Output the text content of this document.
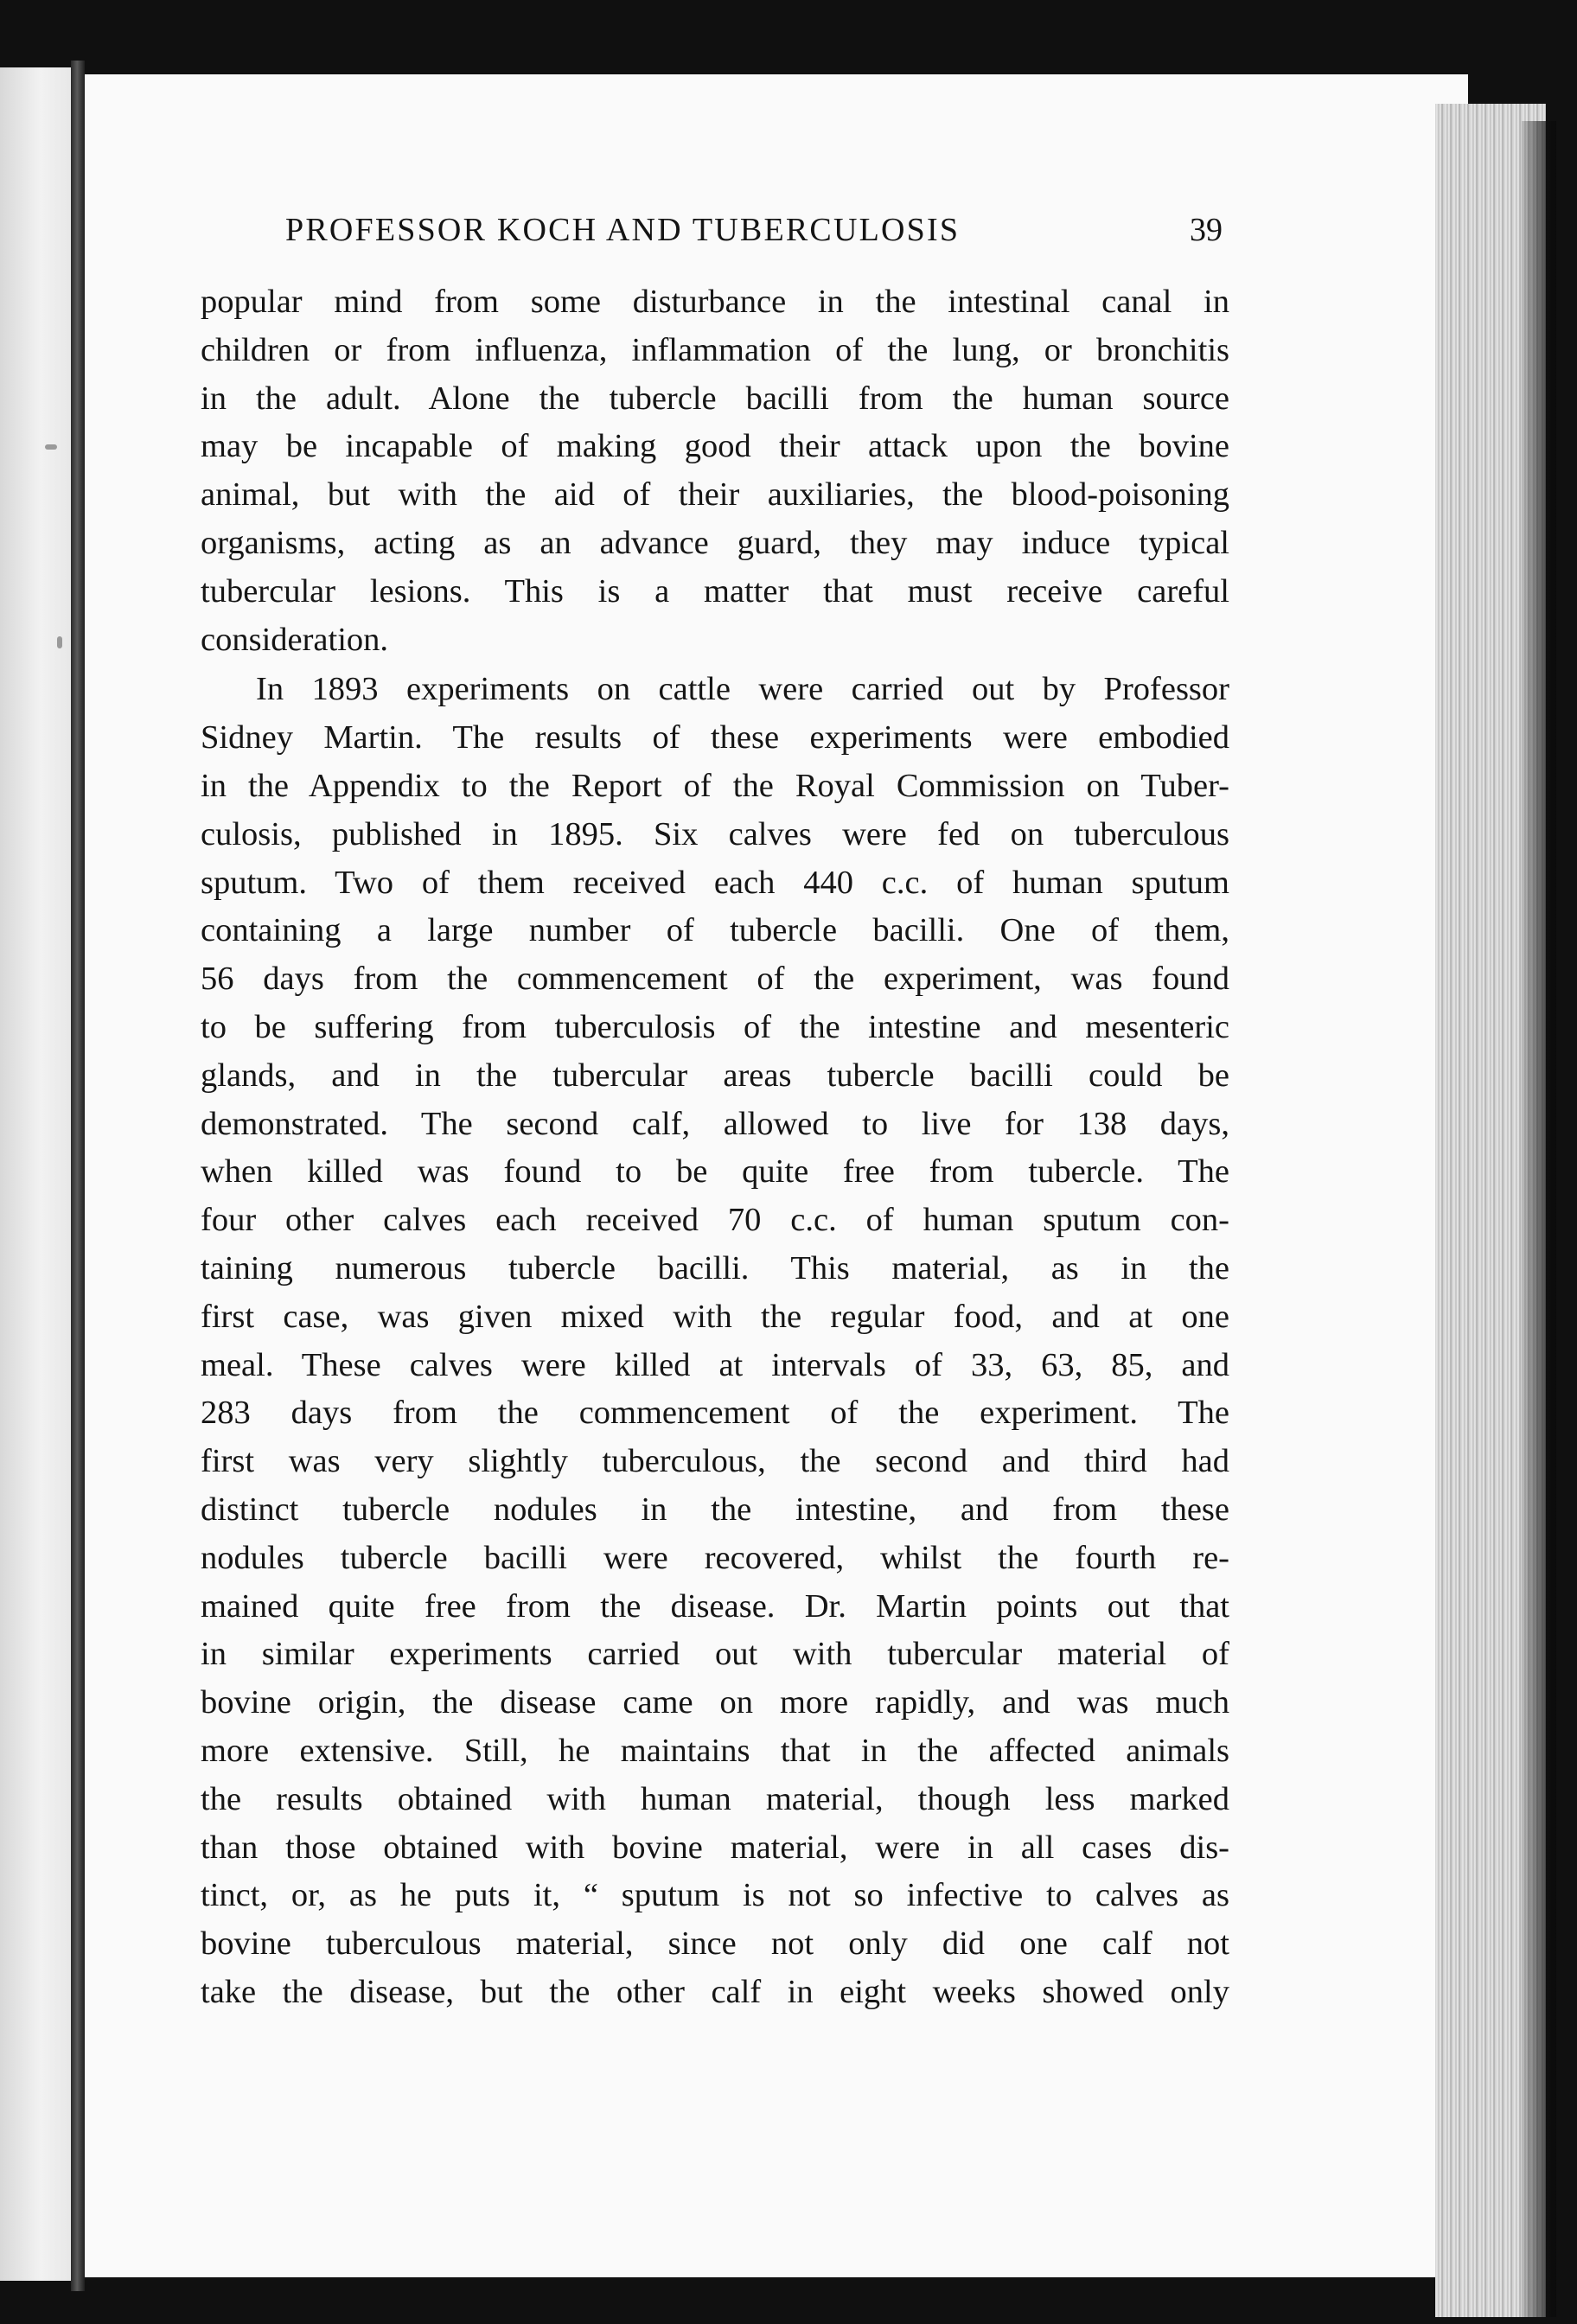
PROFESSOR KOCH AND TUBERCULOSIS	39
popular mind from some disturbance in the intestinal canal in
children or from influenza, inflammation of the lung, or bronchitis
in the adult. Alone the tubercle bacilli from the human source
may be incapable of making good their attack upon the bovine
animal, but with the aid of their auxiliaries, the blood-poisoning
organisms, acting as an advance guard, they may induce typical
tubercular lesions. This is a matter that must receive careful
consideration.
In 1893 experiments on cattle were carried out by Professor
Sidney Martin. The results of these experiments were embodied
in the Appendix to the Report of the Royal Commission on Tuber-
culosis, published in 1895. Six calves were fed on tuberculous
sputum. Two of them received each 440 c.c. of human sputum
containing a large number of tubercle bacilli. One of them,
56 days from the commencement of the experiment, was found
to be suffering from tuberculosis of the intestine and mesenteric
glands, and in the tubercular areas tubercle bacilli could be
demonstrated. The second calf, allowed to live for 138 days,
when killed was found to be quite free from tubercle. The
four other calves each received 70 c.c. of human sputum con-
taining numerous tubercle bacilli. This material, as in the
first case, was given mixed with the regular food, and at one
meal. These calves were killed at intervals of 33, 63, 85, and
283 days from the commencement of the experiment. The
first was very slightly tuberculous, the second and third had
distinct tubercle nodules in the intestine, and from these
nodules tubercle bacilli were recovered, whilst the fourth re-
mained quite free from the disease. Dr. Martin points out that
in similar experiments carried out with tubercular material of
bovine origin, the disease came on more rapidly, and was much
more extensive. Still, he maintains that in the affected animals
the results obtained with human material, though less marked
than those obtained with bovine material, were in all cases dis-
tinct, or, as he puts it, “ sputum is not so infective to calves as
bovine tuberculous material, since not only did one calf not
take the disease, but the other calf in eight weeks showed only
